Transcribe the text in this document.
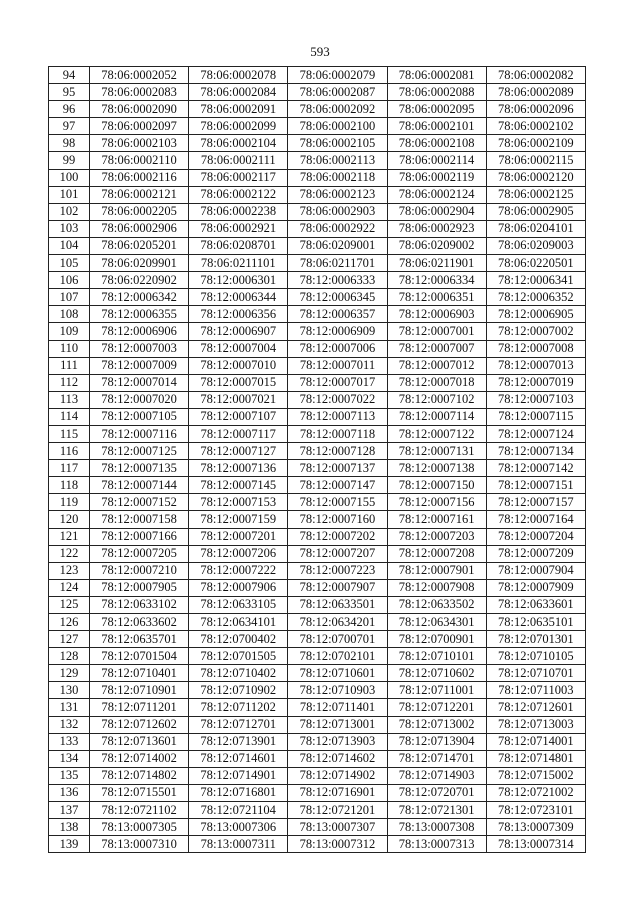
593
94	78:06:0002052	78:06:0002078	78:06:0002079	78:06:0002081	78:06:0002082
95	78:06:0002083	78:06:0002084	78:06:0002087	78:06:0002088	78:06:0002089
96	78:06:0002090	78:06:0002091	78:06:0002092	78:06:0002095	78:06:0002096
97	78:06:0002097	78:06:0002099	78:06:0002100	78:06:0002101	78:06:0002102
98	78:06:0002103	78:06:0002104	78:06:0002105	78:06:0002108	78:06:0002109
99	78:06:0002110	78:06:0002111	78:06:0002113	78:06:0002114	78:06:0002115
100	78:06:0002116	78:06:0002117	78:06:0002118	78:06:0002119	78:06:0002120
101	78:06:0002121	78:06:0002122	78:06:0002123	78:06:0002124	78:06:0002125
102	78:06:0002205	78:06:0002238	78:06:0002903	78:06:0002904	78:06:0002905
103	78:06:0002906	78:06:0002921	78:06:0002922	78:06:0002923	78:06:0204101
104	78:06:0205201	78:06:0208701	78:06:0209001	78:06:0209002	78:06:0209003
105	78:06:0209901	78:06:0211101	78:06:0211701	78:06:0211901	78:06:0220501
106	78:06:0220902	78:12:0006301	78:12:0006333	78:12:0006334	78:12:0006341
107	78:12:0006342	78:12:0006344	78:12:0006345	78:12:0006351	78:12:0006352
108	78:12:0006355	78:12:0006356	78:12:0006357	78:12:0006903	78:12:0006905
109	78:12:0006906	78:12:0006907	78:12:0006909	78:12:0007001	78:12:0007002
110	78:12:0007003	78:12:0007004	78:12:0007006	78:12:0007007	78:12:0007008
111	78:12:0007009	78:12:0007010	78:12:0007011	78:12:0007012	78:12:0007013
112	78:12:0007014	78:12:0007015	78:12:0007017	78:12:0007018	78:12:0007019
113	78:12:0007020	78:12:0007021	78:12:0007022	78:12:0007102	78:12:0007103
114	78:12:0007105	78:12:0007107	78:12:0007113	78:12:0007114	78:12:0007115
115	78:12:0007116	78:12:0007117	78:12:0007118	78:12:0007122	78:12:0007124
116	78:12:0007125	78:12:0007127	78:12:0007128	78:12:0007131	78:12:0007134
117	78:12:0007135	78:12:0007136	78:12:0007137	78:12:0007138	78:12:0007142
118	78:12:0007144	78:12:0007145	78:12:0007147	78:12:0007150	78:12:0007151
119	78:12:0007152	78:12:0007153	78:12:0007155	78:12:0007156	78:12:0007157
120	78:12:0007158	78:12:0007159	78:12:0007160	78:12:0007161	78:12:0007164
121	78:12:0007166	78:12:0007201	78:12:0007202	78:12:0007203	78:12:0007204
122	78:12:0007205	78:12:0007206	78:12:0007207	78:12:0007208	78:12:0007209
123	78:12:0007210	78:12:0007222	78:12:0007223	78:12:0007901	78:12:0007904
124	78:12:0007905	78:12:0007906	78:12:0007907	78:12:0007908	78:12:0007909
125	78:12:0633102	78:12:0633105	78:12:0633501	78:12:0633502	78:12:0633601
126	78:12:0633602	78:12:0634101	78:12:0634201	78:12:0634301	78:12:0635101
127	78:12:0635701	78:12:0700402	78:12:0700701	78:12:0700901	78:12:0701301
128	78:12:0701504	78:12:0701505	78:12:0702101	78:12:0710101	78:12:0710105
129	78:12:0710401	78:12:0710402	78:12:0710601	78:12:0710602	78:12:0710701
130	78:12:0710901	78:12:0710902	78:12:0710903	78:12:0711001	78:12:0711003
131	78:12:0711201	78:12:0711202	78:12:0711401	78:12:0712201	78:12:0712601
132	78:12:0712602	78:12:0712701	78:12:0713001	78:12:0713002	78:12:0713003
133	78:12:0713601	78:12:0713901	78:12:0713903	78:12:0713904	78:12:0714001
134	78:12:0714002	78:12:0714601	78:12:0714602	78:12:0714701	78:12:0714801
135	78:12:0714802	78:12:0714901	78:12:0714902	78:12:0714903	78:12:0715002
136	78:12:0715501	78:12:0716801	78:12:0716901	78:12:0720701	78:12:0721002
137	78:12:0721102	78:12:0721104	78:12:0721201	78:12:0721301	78:12:0723101
138	78:13:0007305	78:13:0007306	78:13:0007307	78:13:0007308	78:13:0007309
139	78:13:0007310	78:13:0007311	78:13:0007312	78:13:0007313	78:13:0007314
